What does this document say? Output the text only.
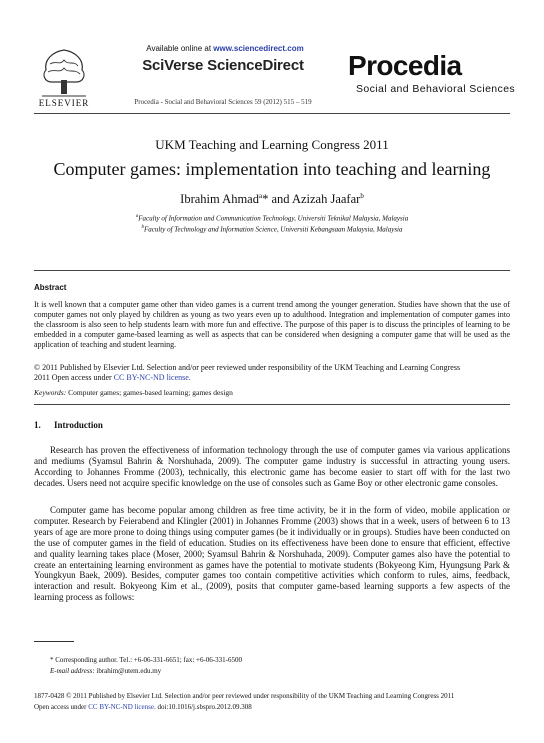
ELSEVIER
Available online at www.sciencedirect.com
SciVerse ScienceDirect
Procedia - Social and Behavioral Sciences 59 (2012) 515 – 519
Procedia
Social and Behavioral Sciences
UKM Teaching and Learning Congress 2011
Computer games: implementation into teaching and learning
Ibrahim Ahmad$^a$* and Azizah Jaafar$^b$
$^a$Faculty of Information and Communication Technology, Universiti Teknikal Malaysia, Malaysia
$^b$Faculty of Technology and Information Science, Universiti Kebangsaan Malaysia, Malaysia
Abstract
It is well known that a computer game other than video games is a current trend among the younger generation. Studies have shown that the use of computer games not only played by children as young as two years even up to adulthood. Integration and implementation of computer games into the classroom is also seen to help students learn with more fun and effective. The purpose of this paper is to discuss the principles of learning to be embedded in a computer game-based learning as well as aspects that can be considered when designing a computer game that will be used as the application of teaching and student learning.
© 2011 Published by Elsevier Ltd. Selection and/or peer reviewed under responsibility of the UKM Teaching and Learning Congress 2011 Open access under CC BY-NC-ND license.
Keywords: Computer games; games-based learning; games design
1. Introduction
Research has proven the effectiveness of information technology through the use of computer games via various applications and mediums (Syamsul Bahrin & Norshuhada, 2009). The computer game industry is successful in attracting young users. According to Johannes Fromme (2003), technically, this electronic game has become easier to start off with for the last two decades. Users need not acquire specific knowledge on the use of consoles such as Game Boy or other electronic game consoles.
Computer game has become popular among children as free time activity, be it in the form of video, mobile application or computer. Research by Feierabend and Klingler (2001) in Johannes Fromme (2003) shows that in a week, users of between 6 to 13 years of age are more prone to doing things using computer games (be it individually or in groups). Studies have been conducted on the use of computer games in the field of education. Studies on its effectiveness have been done to ensure that efficient, effective and quality learning takes place (Moser, 2000; Syamsul Bahrin & Norshuhada, 2009). Computer games also have the potential to create an entertaining learning environment as games have the potential to motivate students (Bokyeong Kim, Hyungsung Park & Youngkyun Baek, 2009). Besides, computer games too contain competitive activities which conform to rules, aims, feedback, interaction and result. Bokyeong Kim et al., (2009), posits that computer game-based learning supports a few aspects of the learning process as follows:
* Corresponding author. Tel.: +6-06-331-6651; fax: +6-06-331-6500
E-mail address: ibrahim@utem.edu.my
1877-0428 © 2011 Published by Elsevier Ltd. Selection and/or peer reviewed under responsibility of the UKM Teaching and Learning Congress 2011
Open access under CC BY-NC-ND license. doi:10.1016/j.sbspro.2012.09.308
